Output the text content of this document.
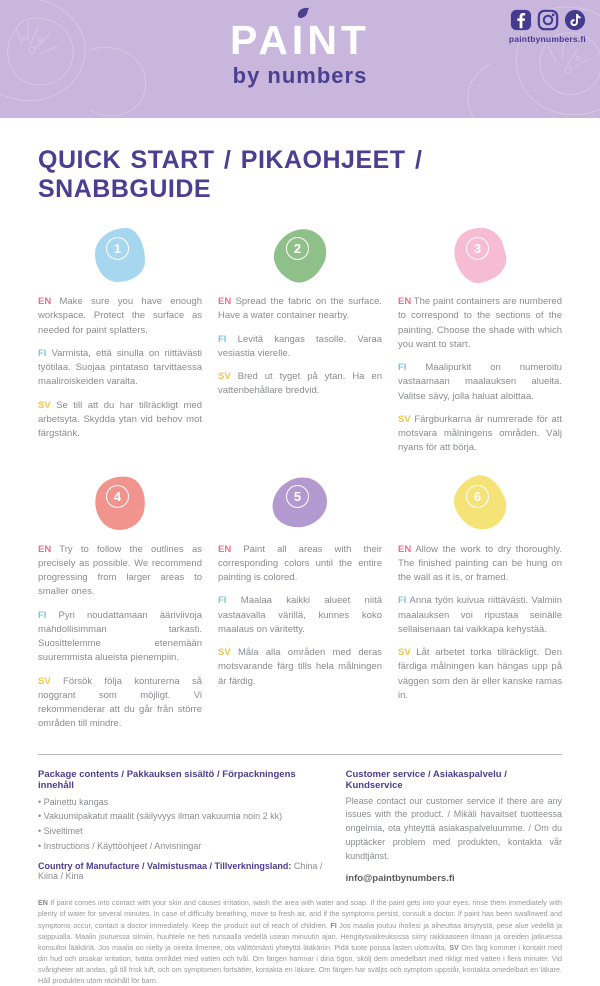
PAINT
by numbers
paintbynumbers.fi
QUICK START / PIKAOHJEET / SNABBGUIDE
1

EN Make sure you have enough workspace. Protect the surface as needed for paint splatters.

FI Varmista, että sinulla on riittävästi työtilaa. Suojaa pintataso tarvittaessa maaliroiskeiden varalta.

SV Se till att du har tillräckligt med arbetsyta. Skydda ytan vid behov mot färgstänk.

2

EN Spread the fabric on the surface. Have a water container nearby.

FI Levitä kangas tasolle. Varaa vesiastia vierelle.

SV Bred ut tyget på ytan. Ha en vattenbehållare bredvid.

3

EN The paint containers are numbered to correspond to the sections of the painting. Choose the shade with which you want to start.

FI Maalipurkit on numeroitu vastaamaan maalauksen alueita. Valitse sävy, jolla haluat aloittaa.

SV Färgburkarna är numrerade för att motsvara målningens områden. Välj nyans för att börja.

4

EN Try to follow the outlines as precisely as possible. We recommend progressing from larger areas to smaller ones.

FI Pyri noudattamaan ääriviivoja mahdollisimman tarkasti. Suosittelemme etenemään suuremmista alueista pienempiin.

SV Försök följa konturerna så noggrant som möjligt. Vi rekommenderar att du går från större områden till mindre.

5

EN Paint all areas with their corresponding colors until the entire painting is colored.

FI Maalaa kaikki alueet niitä vastaavalla värillä, kunnes koko maalaus on väritetty.

SV Måla alla områden med deras motsvarande färg tills hela målningen är färdig.

6

EN Allow the work to dry thoroughly. The finished painting can be hung on the wall as it is, or framed.

FI Anna työn kuivua riittävästi. Valmiin maalauksen voi ripustaa seinälle sellaisenaan tai vaikkapa kehystää.

SV Låt arbetet torka tillräckligt. Den färdiga målningen kan hängas upp på väggen som den är eller kanske ramas in.

Package contents / Pakkauksen sisältö / Förpackningens innehåll

• Painettu kangas
• Vakuumipakatut maalit (säilyvyys ilman vakuumia noin 2 kk)
• Siveltimet
• Instructions / Käyttöohjeet / Anvisningar

Country of Manufacture / Valmistusmaa / Tillverkningsland: China / Kiina / Kina

Customer service / Asiakaspalvelu / Kundservice

Please contact our customer service if there are any issues with the product. / Mikäli havaitset tuotteessa ongelmia, ota yhteyttä asiakaspalveluumme. / Om du upptäcker problem med produkten, kontakta vår kundtjänst.

info@paintbynumbers.fi

EN If paint comes into contact with your skin and causes irritation, wash the area with water and soap. If the paint gets into your eyes, rinse them immediately with plenty of water for several minutes. In case of difficulty breathing, move to fresh air, and if the symptoms persist, consult a doctor. If paint has been swallowed and symptoms occur, contact a doctor immediately. Keep the product out of reach of children. FI Jos maalia joutuu ihollesi ja aiheuttaa ärsytystä, pese alue vedellä ja saippualla. Maalin joutuessa silmiin, huuhtele ne heti runsaalla vedellä usean minuutin ajan. Hengitysvaikeuksissa siirry raikkaaseen ilmaan ja oireiden jatkuessa konsultoi lääkäriä. Jos maalia on nielty ja oireita ilmenee, ota välittömästi yhteyttä lääkäriin. Pidä tuote poissa lasten ulottuvilta. SV Om färg kommer i kontakt med din hud och orsakar irritation, tvätta området med vatten och tvål. Om färgen hamnar i dina ögon, skölj dem omedelbart med rikligt med vatten i flera minuter. Vid svårigheter att andas, gå till frisk luft, och om symptomen fortsätter, kontakta en läkare. Om färgen har sväljts och symptom uppstår, kontakta omedelbart en läkare. Håll produkten utom räckhåll för barn.
